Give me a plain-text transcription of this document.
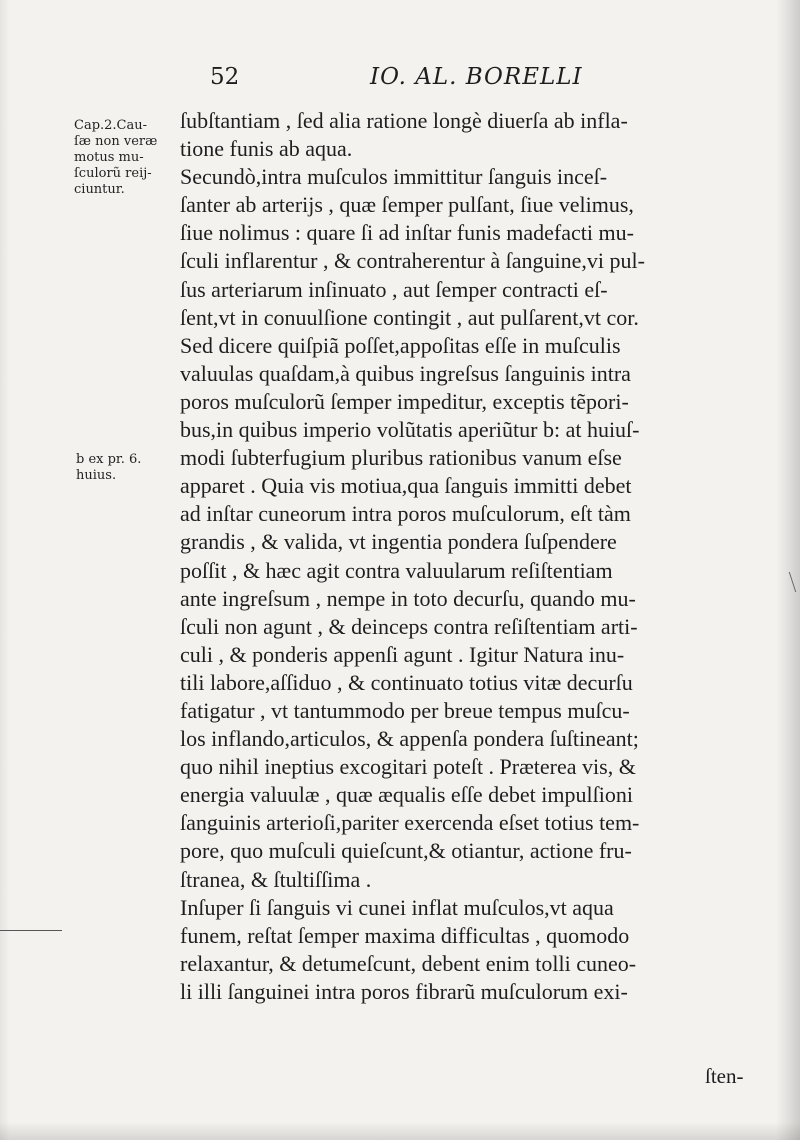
52	IO. AL. BORELLI
Cap.2.Cau-
ſæ non veræ
motus mu-
ſculorũ reij-
ciuntur.
b ex pr. 6.
huius.
ſubſtantiam , ſed alia ratione longè diuerſa ab infla-
tione funis ab aqua.
Secundò,intra muſculos immittitur ſanguis inceſ-
ſanter ab arterijs , quæ ſemper pulſant, ſiue velimus,
ſiue nolimus : quare ſi ad inſtar funis madefacti mu-
ſculi inflarentur , & contraherentur à ſanguine,vi pul-
ſus arteriarum inſinuato , aut ſemper contracti eſ-
ſent,vt in conuulſione contingit , aut pulſarent,vt cor.
Sed dicere quiſpiã poſſet,appoſitas eſſe in muſculis
valuulas quaſdam,à quibus ingreſsus ſanguinis intra
poros muſculorũ ſemper impeditur, exceptis tẽpori-
bus,in quibus imperio volũtatis aperiũtur b: at huiuſ-
modi ſubterfugium pluribus rationibus vanum eſse
apparet . Quia vis motiua,qua ſanguis immitti debet
ad inſtar cuneorum intra poros muſculorum, eſt tàm
grandis , & valida, vt ingentia pondera ſuſpendere
poſſit , & hæc agit contra valuularum reſiſtentiam
ante ingreſsum , nempe in toto decurſu, quando mu-
ſculi non agunt , & deinceps contra reſiſtentiam arti-
culi , & ponderis appenſi agunt . Igitur Natura inu-
tili labore,aſſiduo , & continuato totius vitæ decurſu
fatigatur , vt tantummodo per breue tempus muſcu-
los inflando,articulos, & appenſa pondera ſuſtineant;
quo nihil ineptius excogitari poteſt . Præterea vis, &
energia valuulæ , quæ æqualis eſſe debet impulſioni
ſanguinis arterioſi,pariter exercenda eſset totius tem-
pore, quo muſculi quieſcunt,& otiantur, actione fru-
ſtranea, & ſtultiſſima .
Inſuper ſi ſanguis vi cunei inflat muſculos,vt aqua
funem, reſtat ſemper maxima difficultas , quomodo
relaxantur, & detumeſcunt, debent enim tolli cuneo-
li illi ſanguinei intra poros fibrarũ muſculorum exi-
ſten-
